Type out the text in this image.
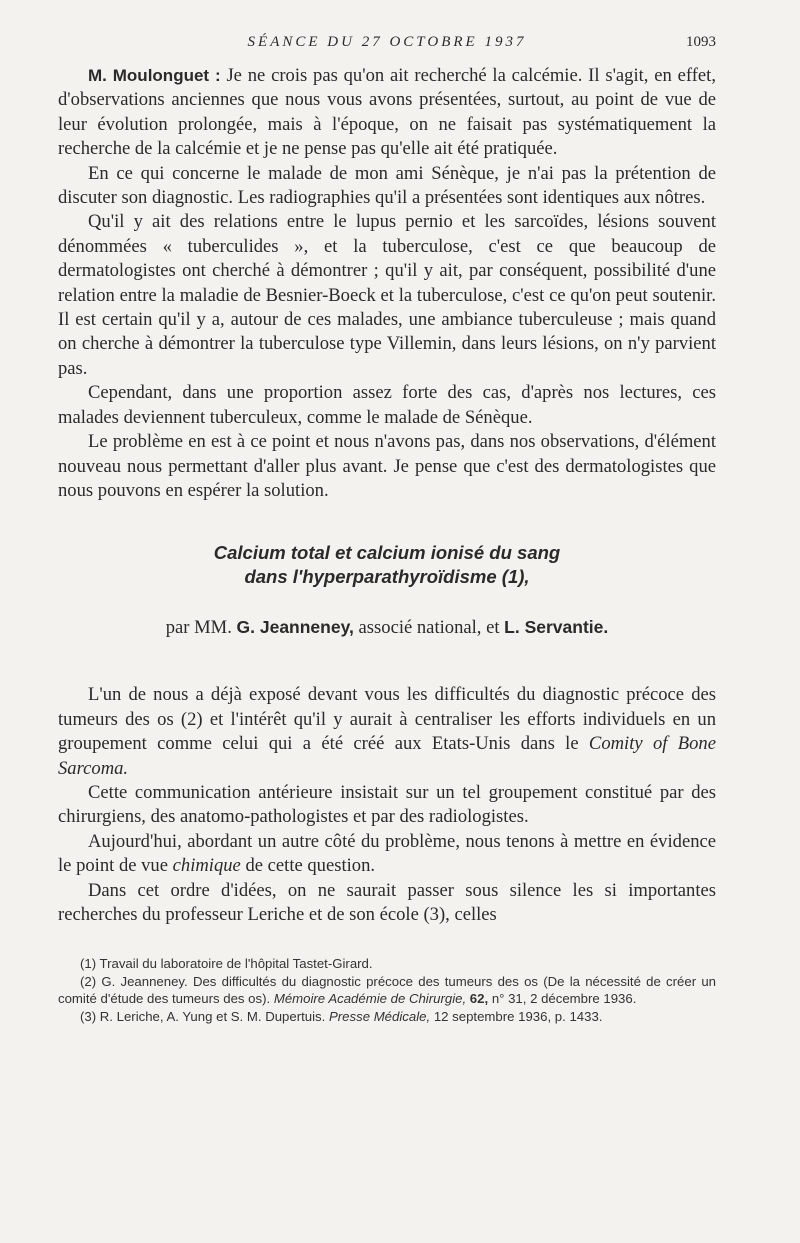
SÉANCE DU 27 OCTOBRE 1937	1093

M. Moulonguet : Je ne crois pas qu'on ait recherché la calcémie. Il s'agit, en effet, d'observations anciennes que nous vous avons présentées, surtout, au point de vue de leur évolution prolongée, mais à l'époque, on ne faisait pas systématiquement la recherche de la calcémie et je ne pense pas qu'elle ait été pratiquée.

En ce qui concerne le malade de mon ami Sénèque, je n'ai pas la prétention de discuter son diagnostic. Les radiographies qu'il a présentées sont identiques aux nôtres.

Qu'il y ait des relations entre le lupus pernio et les sarcoïdes, lésions souvent dénommées « tuberculides », et la tuberculose, c'est ce que beaucoup de dermatologistes ont cherché à démontrer ; qu'il y ait, par conséquent, possibilité d'une relation entre la maladie de Besnier-Boeck et la tuberculose, c'est ce qu'on peut soutenir. Il est certain qu'il y a, autour de ces malades, une ambiance tuberculeuse ; mais quand on cherche à démontrer la tuberculose type Villemin, dans leurs lésions, on n'y parvient pas.

Cependant, dans une proportion assez forte des cas, d'après nos lectures, ces malades deviennent tuberculeux, comme le malade de Sénèque.

Le problème en est à ce point et nous n'avons pas, dans nos observations, d'élément nouveau nous permettant d'aller plus avant. Je pense que c'est des dermatologistes que nous pouvons en espérer la solution.

Calcium total et calcium ionisé du sang
dans l'hyperparathyroïdisme (1),
par MM. G. Jeanneney, associé national, et L. Servantie.

L'un de nous a déjà exposé devant vous les difficultés du diagnostic précoce des tumeurs des os (2) et l'intérêt qu'il y aurait à centraliser les efforts individuels en un groupement comme celui qui a été créé aux Etats-Unis dans le Comity of Bone Sarcoma.

Cette communication antérieure insistait sur un tel groupement constitué par des chirurgiens, des anatomo-pathologistes et par des radiologistes.

Aujourd'hui, abordant un autre côté du problème, nous tenons à mettre en évidence le point de vue chimique de cette question.

Dans cet ordre d'idées, on ne saurait passer sous silence les si importantes recherches du professeur Leriche et de son école (3), celles

(1) Travail du laboratoire de l'hôpital Tastet-Girard.

(2) G. Jeanneney. Des difficultés du diagnostic précoce des tumeurs des os (De la nécessité de créer un comité d'étude des tumeurs des os). Mémoire Académie de Chirurgie, 62, n° 31, 2 décembre 1936.

(3) R. Leriche, A. Yung et S. M. Dupertuis. Presse Médicale, 12 septembre 1936, p. 1433.
